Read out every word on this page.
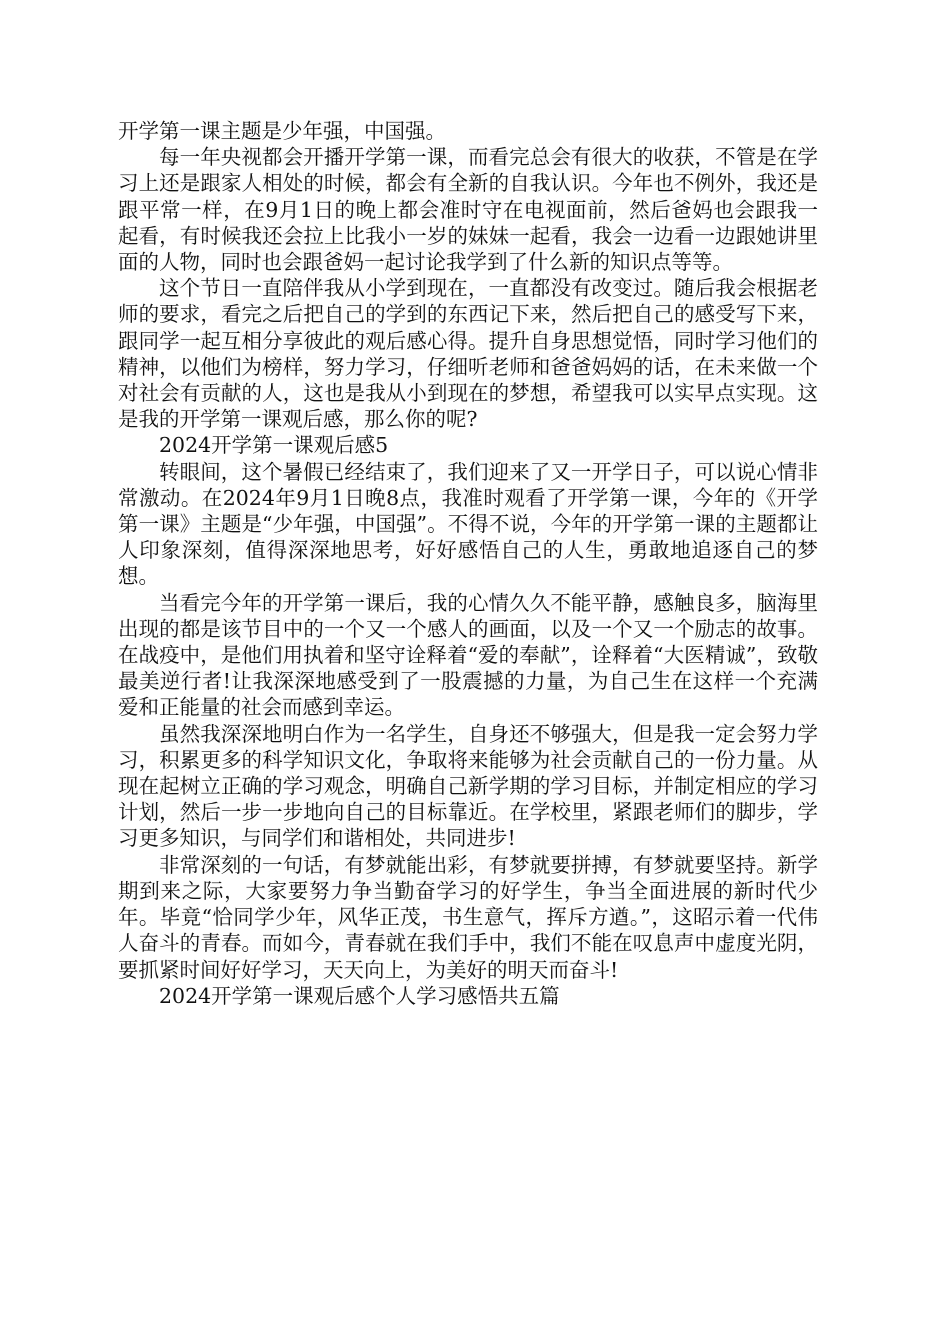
开学第一课主题是少年强，中国强。

每一年央视都会开播开学第一课，而看完总会有很大的收获，不管是在学习上还是跟家人相处的时候，都会有全新的自我认识。今年也不例外，我还是跟平常一样，在9月1日的晚上都会准时守在电视面前，然后爸妈也会跟我一起看，有时候我还会拉上比我小一岁的妹妹一起看，我会一边看一边跟她讲里面的人物，同时也会跟爸妈一起讨论我学到了什么新的知识点等等。

这个节日一直陪伴我从小学到现在，一直都没有改变过。随后我会根据老师的要求，看完之后把自己的学到的东西记下来，然后把自己的感受写下来，跟同学一起互相分享彼此的观后感心得。提升自身思想觉悟，同时学习他们的精神，以他们为榜样，努力学习，仔细听老师和爸爸妈妈的话，在未来做一个对社会有贡献的人，这也是我从小到现在的梦想，希望我可以实早点实现。这是我的开学第一课观后感，那么你的呢?

2024开学第一课观后感5

转眼间，这个暑假已经结束了，我们迎来了又一开学日子，可以说心情非常激动。在2024年9月1日晚8点，我准时观看了开学第一课，今年的《开学第一课》主题是“少年强，中国强”。不得不说，今年的开学第一课的主题都让人印象深刻，值得深深地思考，好好感悟自己的人生，勇敢地追逐自己的梦想。

当看完今年的开学第一课后，我的心情久久不能平静，感触良多，脑海里出现的都是该节目中的一个又一个感人的画面，以及一个又一个励志的故事。在战疫中，是他们用执着和坚守诠释着“爱的奉献”，诠释着“大医精诚”，致敬最美逆行者!让我深深地感受到了一股震撼的力量，为自己生在这样一个充满爱和正能量的社会而感到幸运。

虽然我深深地明白作为一名学生，自身还不够强大，但是我一定会努力学习，积累更多的科学知识文化，争取将来能够为社会贡献自己的一份力量。从现在起树立正确的学习观念，明确自己新学期的学习目标，并制定相应的学习计划，然后一步一步地向自己的目标靠近。在学校里，紧跟老师们的脚步，学习更多知识，与同学们和谐相处，共同进步!

非常深刻的一句话，有梦就能出彩，有梦就要拼搏，有梦就要坚持。新学期到来之际，大家要努力争当勤奋学习的好学生，争当全面进展的新时代少年。毕竟“恰同学少年，风华正茂，书生意气，挥斥方遒。”，这昭示着一代伟人奋斗的青春。而如今，青春就在我们手中，我们不能在叹息声中虚度光阴，要抓紧时间好好学习，天天向上，为美好的明天而奋斗!

2024开学第一课观后感个人学习感悟共五篇
